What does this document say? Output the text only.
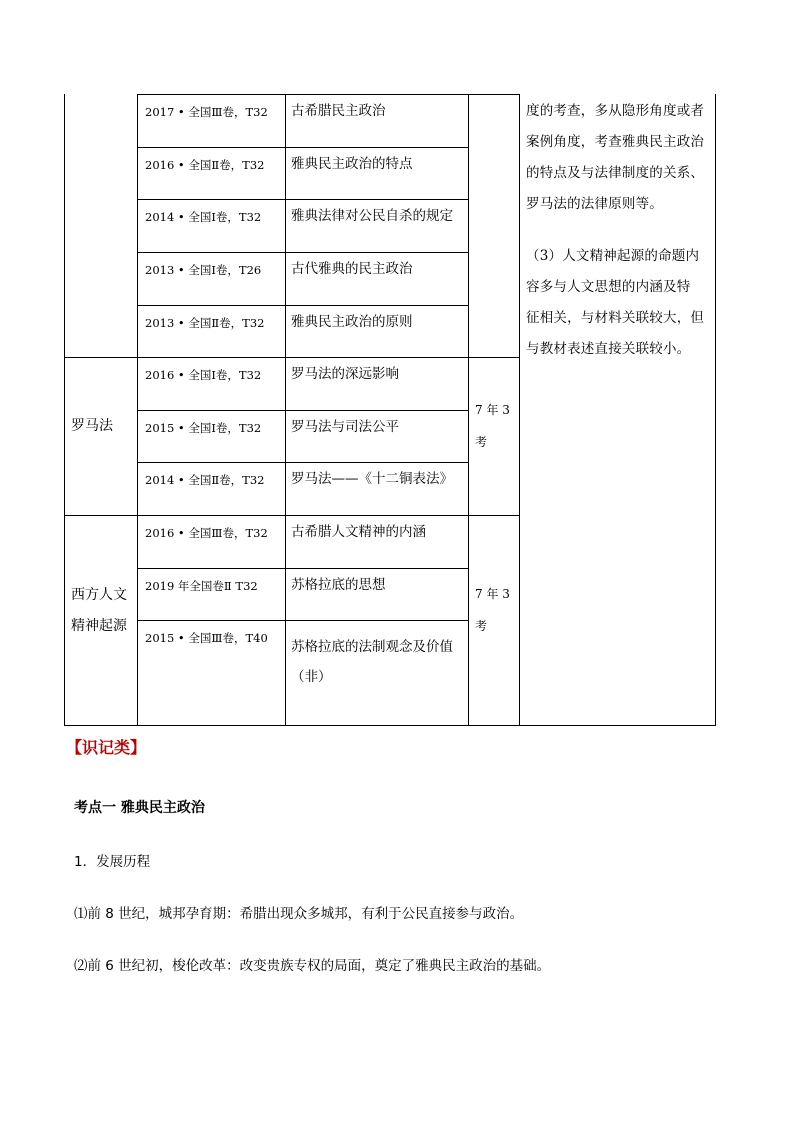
2017 • 全国Ⅲ卷，T32
2016 • 全国Ⅱ卷，T32
2014 • 全国Ⅰ卷，T32
2013 • 全国Ⅰ卷，T26
2013 • 全国Ⅱ卷，T32
2016 • 全国Ⅰ卷，T32
2015 • 全国Ⅰ卷，T32
2014 • 全国Ⅱ卷，T32
2016 • 全国Ⅲ卷，T32
2019 年全国卷Ⅱ T32
2015 • 全国Ⅲ卷，T40
古希腊民主政治
雅典民主政治的特点
雅典法律对公民自杀的规定
古代雅典的民主政治
雅典民主政治的原则
罗马法的深远影响
罗马法与司法公平
罗马法——《十二铜表法》
古希腊人文精神的内涵
苏格拉底的思想
苏格拉底的法制观念及价值
（非）
罗马法
西方人文
精神起源
7 年 3
考
7 年 3
考
度的考查，多从隐形角度或者
案例角度，考查雅典民主政治
的特点及与法律制度的关系、
罗马法的法律原则等。
（3）人文精神起源的命题内
容多与人文思想的内涵及特
征相关，与材料关联较大，但
与教材表述直接关联较小。
【识记类】
考点一 雅典民主政治
1．发展历程
⑴前 8 世纪，城邦孕育期：希腊出现众多城邦，有利于公民直接参与政治。
⑵前 6 世纪初，梭伦改革：改变贵族专权的局面，奠定了雅典民主政治的基础。
